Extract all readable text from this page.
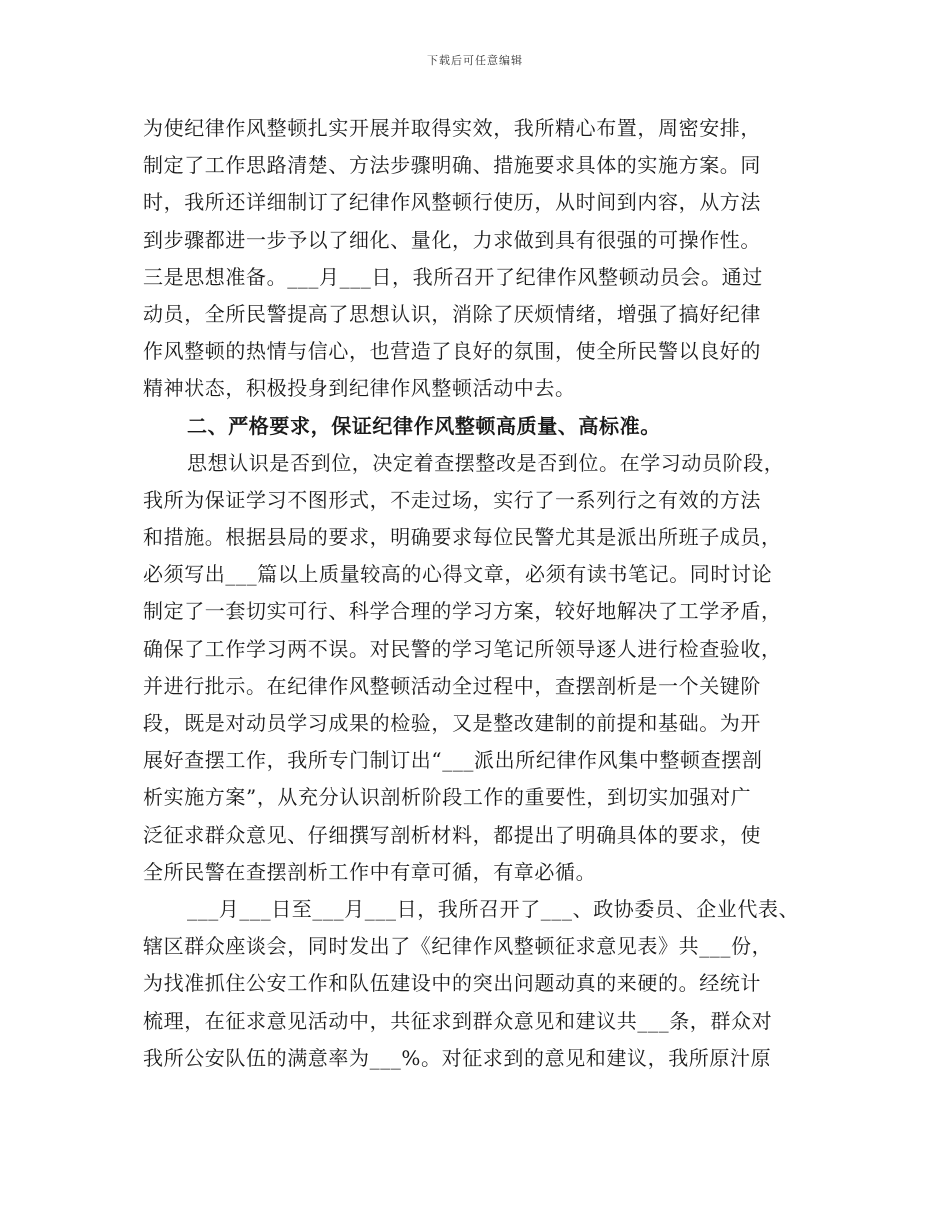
下载后可任意编辑
为使纪律作风整顿扎实开展并取得实效，我所精心布置，周密安排，
制定了工作思路清楚、方法步骤明确、措施要求具体的实施方案。同
时，我所还详细制订了纪律作风整顿行使历，从时间到内容，从方法
到步骤都进一步予以了细化、量化，力求做到具有很强的可操作性。
三是思想准备。___月___日，我所召开了纪律作风整顿动员会。通过
动员，全所民警提高了思想认识，消除了厌烦情绪，增强了搞好纪律
作风整顿的热情与信心，也营造了良好的氛围，使全所民警以良好的
精神状态，积极投身到纪律作风整顿活动中去。
二、严格要求，保证纪律作风整顿高质量、高标准。
思想认识是否到位，决定着查摆整改是否到位。在学习动员阶段，
我所为保证学习不图形式，不走过场，实行了一系列行之有效的方法
和措施。根据县局的要求，明确要求每位民警尤其是派出所班子成员，
必须写出___篇以上质量较高的心得文章，必须有读书笔记。同时讨论
制定了一套切实可行、科学合理的学习方案，较好地解决了工学矛盾，
确保了工作学习两不误。对民警的学习笔记所领导逐人进行检查验收，
并进行批示。在纪律作风整顿活动全过程中，查摆剖析是一个关键阶
段，既是对动员学习成果的检验，又是整改建制的前提和基础。为开
展好查摆工作，我所专门制订出“___派出所纪律作风集中整顿查摆剖
析实施方案”，从充分认识剖析阶段工作的重要性，到切实加强对广
泛征求群众意见、仔细撰写剖析材料，都提出了明确具体的要求，使
全所民警在查摆剖析工作中有章可循，有章必循。
___月___日至___月___日，我所召开了___、政协委员、企业代表、
辖区群众座谈会，同时发出了《纪律作风整顿征求意见表》共___份，
为找准抓住公安工作和队伍建设中的突出问题动真的来硬的。经统计
梳理，在征求意见活动中，共征求到群众意见和建议共___条，群众对
我所公安队伍的满意率为___%。对征求到的意见和建议，我所原汁原
